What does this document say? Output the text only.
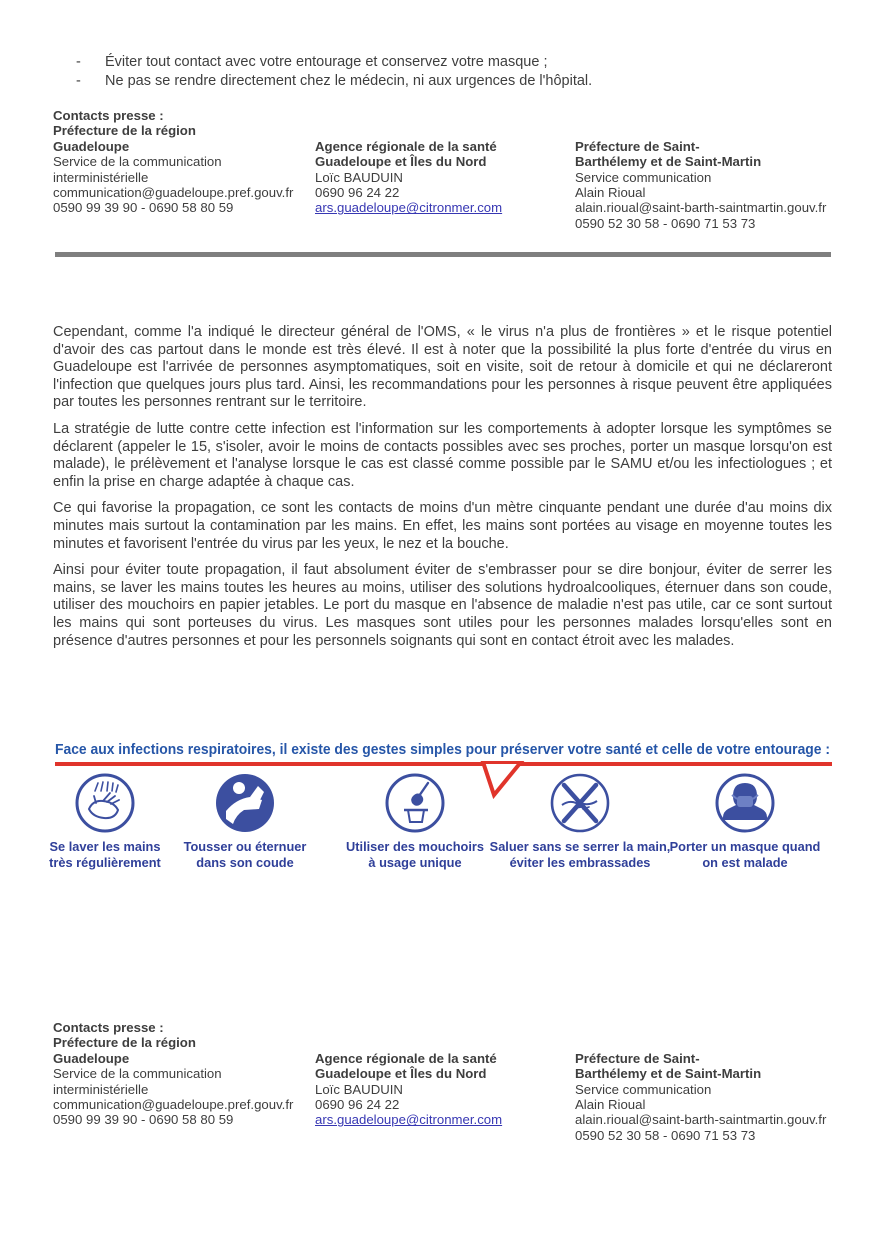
-	Éviter tout contact avec votre entourage et conservez votre masque ;
-	Ne pas se rendre directement chez le médecin, ni aux urgences de l'hôpital.
Contacts presse :
Préfecture de la région
Guadeloupe
Service de la communication
interministérielle
communication@guadeloupe.pref.gouv.fr
0590 99 39 90 - 0690 58 80 59
Agence régionale de la santé
Guadeloupe et Îles du Nord
Loïc BAUDUIN
0690 96 24 22
ars.guadeloupe@citronmer.com
Préfecture de Saint-
Barthélemy et de Saint-Martin
Service communication
Alain Rioual
alain.rioual@saint-barth-saintmartin.gouv.fr
0590 52 30 58 - 0690 71 53 73

Cependant, comme l'a indiqué le directeur général de l'OMS, « le virus n'a plus de frontières » et le risque potentiel d'avoir des cas partout dans le monde est très élevé. Il est à noter que la possibilité la plus forte d'entrée du virus en Guadeloupe est l'arrivée de personnes asymptomatiques, soit en visite, soit de retour à domicile et qui ne déclareront l'infection que quelques jours plus tard. Ainsi, les recommandations pour les personnes à risque peuvent être appliquées par toutes les personnes rentrant sur le territoire.

La stratégie de lutte contre cette infection est l'information sur les comportements à adopter lorsque les symptômes se déclarent (appeler le 15, s'isoler, avoir le moins de contacts possibles avec ses proches, porter un masque lorsqu'on est malade), le prélèvement et l'analyse lorsque le cas est classé comme possible par le SAMU et/ou les infectiologues ; et enfin la prise en charge adaptée à chaque cas.

Ce qui favorise la propagation, ce sont les contacts de moins d'un mètre cinquante pendant une durée d'au moins dix minutes mais surtout la contamination par les mains. En effet, les mains sont portées au visage en moyenne toutes les minutes et favorisent l'entrée du virus par les yeux, le nez et la bouche.

Ainsi pour éviter toute propagation, il faut absolument éviter de s'embrasser pour se dire bonjour, éviter de serrer les mains, se laver les mains toutes les heures au moins, utiliser des solutions hydroalcooliques, éternuer dans son coude, utiliser des mouchoirs en papier jetables. Le port du masque en l'absence de maladie n'est pas utile, car ce sont surtout les mains qui sont porteuses du virus. Les masques sont utiles pour les personnes malades lorsqu'elles sont en présence d'autres personnes et pour les personnels soignants qui sont en contact étroit avec les malades.

Face aux infections respiratoires, il existe des gestes simples pour préserver votre santé et celle de votre entourage :
Se laver les mains
très régulièrement
Tousser ou éternuer
dans son coude
Utiliser des mouchoirs
à usage unique
Saluer sans se serrer la main,
éviter les embrassades
Porter un masque quand
on est malade
Contacts presse :
Préfecture de la région
Guadeloupe
Service de la communication
interministérielle
communication@guadeloupe.pref.gouv.fr
0590 99 39 90 - 0690 58 80 59
Agence régionale de la santé
Guadeloupe et Îles du Nord
Loïc BAUDUIN
0690 96 24 22
ars.guadeloupe@citronmer.com
Préfecture de Saint-
Barthélemy et de Saint-Martin
Service communication
Alain Rioual
alain.rioual@saint-barth-saintmartin.gouv.fr
0590 52 30 58 - 0690 71 53 73
